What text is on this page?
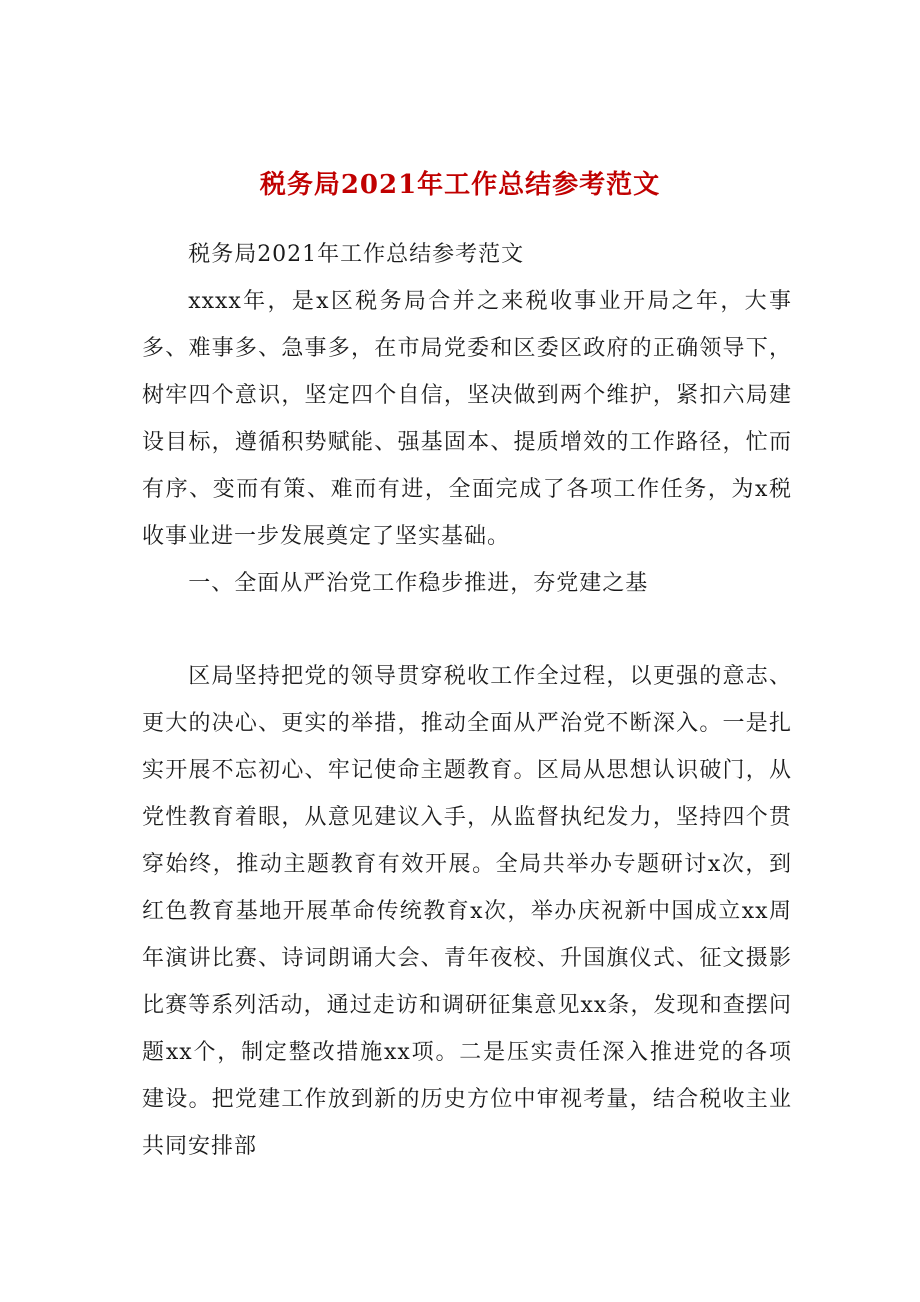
税务局2021年工作总结参考范文

税务局2021年工作总结参考范文

xxxx年，是x区税务局合并之来税收事业开局之年，大事多、难事多、急事多，在市局党委和区委区政府的正确领导下，树牢四个意识，坚定四个自信，坚决做到两个维护，紧扣六局建设目标，遵循积势赋能、强基固本、提质增效的工作路径，忙而有序、变而有策、难而有进，全面完成了各项工作任务，为x税收事业进一步发展奠定了坚实基础。

一、全面从严治党工作稳步推进，夯党建之基

区局坚持把党的领导贯穿税收工作全过程，以更强的意志、更大的决心、更实的举措，推动全面从严治党不断深入。一是扎实开展不忘初心、牢记使命主题教育。区局从思想认识破门，从党性教育着眼，从意见建议入手，从监督执纪发力，坚持四个贯穿始终，推动主题教育有效开展。全局共举办专题研讨x次，到红色教育基地开展革命传统教育x次，举办庆祝新中国成立xx周年演讲比赛、诗词朗诵大会、青年夜校、升国旗仪式、征文摄影比赛等系列活动，通过走访和调研征集意见xx条，发现和查摆问题xx个，制定整改措施xx项。二是压实责任深入推进党的各项建设。把党建工作放到新的历史方位中审视考量，结合税收主业共同安排部
